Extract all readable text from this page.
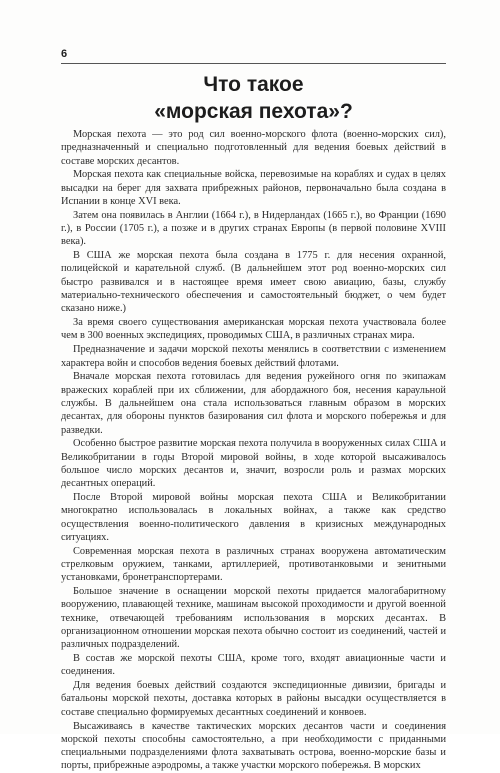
6
Что такое
«морская пехота»?

Морская пехота — это род сил военно-морского флота (военно-морских сил), предназначенный и специально подготовленный для ведения боевых действий в составе морских десантов.

Морская пехота как специальные войска, перевозимые на кораблях и судах в целях высадки на берег для захвата прибрежных районов, первоначально была создана в Испании в конце XVI века.

Затем она появилась в Англии (1664 г.), в Нидерландах (1665 г.), во Франции (1690 г.), в России (1705 г.), а позже и в других странах Европы (в первой половине XVIII века).

В США же морская пехота была создана в 1775 г. для несения охранной, полицейской и карательной служб. (В дальнейшем этот род военно-морских сил быстро развивался и в настоящее время имеет свою авиацию, базы, службу материально-технического обеспечения и самостоятельный бюджет, о чем будет сказано ниже.)

За время своего существования американская морская пехота участвовала более чем в 300 военных экспедициях, проводимых США, в различных странах мира.

Предназначение и задачи морской пехоты менялись в соответствии с изменением характера войн и способов ведения боевых действий флотами.

Вначале морская пехота готовилась для ведения ружейного огня по экипажам вражеских кораблей при их сближении, для абордажного боя, несения караульной службы. В дальнейшем она стала использоваться главным образом в морских десантах, для обороны пунктов базирования сил флота и морского побережья и для разведки.

Особенно быстрое развитие морская пехота получила в вооруженных силах США и Великобритании в годы Второй мировой войны, в ходе которой высаживалось большое число морских десантов и, значит, возросли роль и размах морских десантных операций.

После Второй мировой войны морская пехота США и Великобритании многократно использовалась в локальных войнах, а также как средство осуществления военно-политического давления в кризисных международных ситуациях.

Современная морская пехота в различных странах вооружена автоматическим стрелковым оружием, танками, артиллерией, противотанковыми и зенитными установками, бронетранспортерами.

Большое значение в оснащении морской пехоты придается малогабаритному вооружению, плавающей технике, машинам высокой проходимости и другой военной технике, отвечающей требованиям использования в морских десантах. В организационном отношении морская пехота обычно состоит из соединений, частей и различных подразделений.

В состав же морской пехоты США, кроме того, входят авиационные части и соединения.

Для ведения боевых действий создаются экспедиционные дивизии, бригады и батальоны морской пехоты, доставка которых в районы высадки осуществляется в составе специально формируемых десантных соединений и конвоев.

Высаживаясь в качестве тактических морских десантов части и соединения морской пехоты способны самостоятельно, а при необходимости с приданными специальными подразделениями флота захватывать острова, военно-морские базы и порты, прибрежные аэродромы, а также участки морского побережья. В морских
